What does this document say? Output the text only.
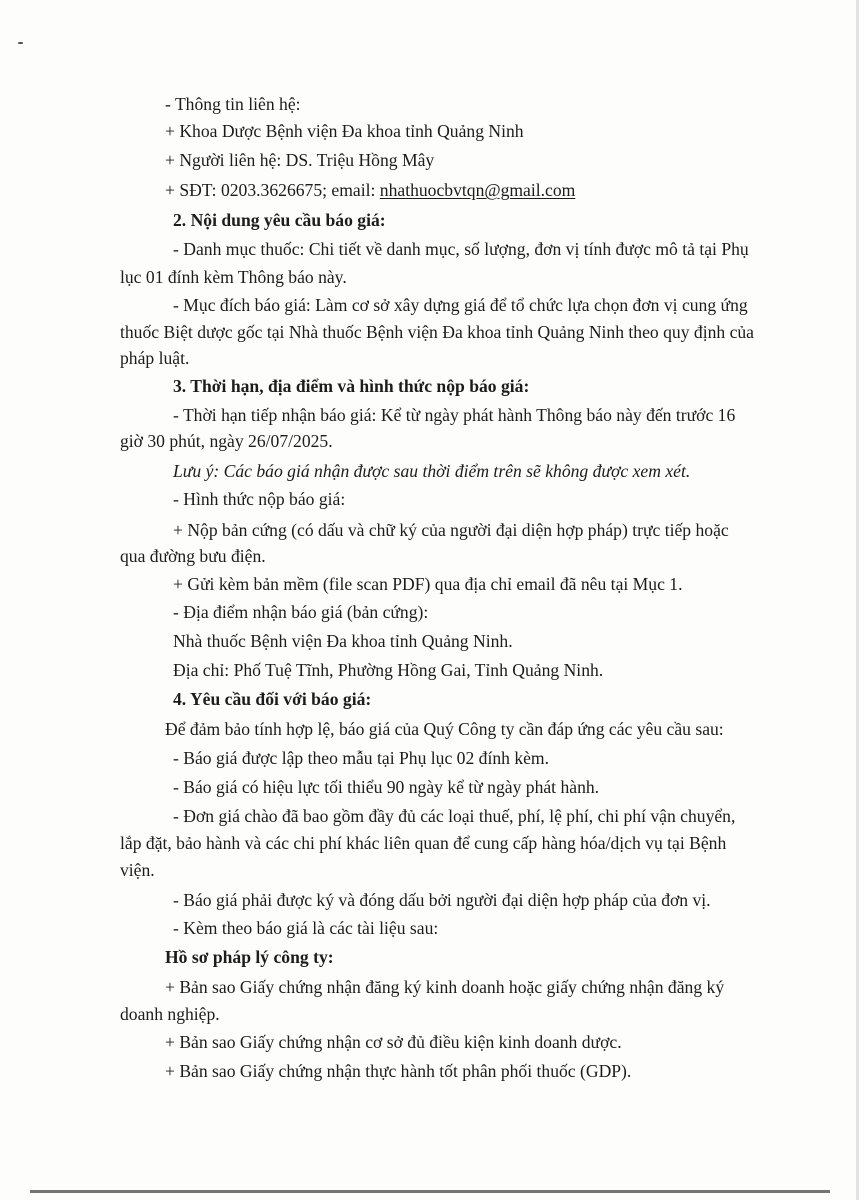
- Thông tin liên hệ:
+ Khoa Dược Bệnh viện Đa khoa tỉnh Quảng Ninh
+ Người liên hệ: DS. Triệu Hồng Mây
+ SĐT: 0203.3626675; email: nhathuocbvtqn@gmail.com
2. Nội dung yêu cầu báo giá:
- Danh mục thuốc: Chi tiết về danh mục, số lượng, đơn vị tính được mô tả tại Phụ
lục 01 đính kèm Thông báo này.
- Mục đích báo giá: Làm cơ sở xây dựng giá để tổ chức lựa chọn đơn vị cung ứng
thuốc Biệt dược gốc tại Nhà thuốc Bệnh viện Đa khoa tỉnh Quảng Ninh theo quy định của
pháp luật.
3. Thời hạn, địa điểm và hình thức nộp báo giá:
- Thời hạn tiếp nhận báo giá: Kể từ ngày phát hành Thông báo này đến trước 16
giờ 30 phút, ngày 26/07/2025.
Lưu ý: Các báo giá nhận được sau thời điểm trên sẽ không được xem xét.
- Hình thức nộp báo giá:
+ Nộp bản cứng (có dấu và chữ ký của người đại diện hợp pháp) trực tiếp hoặc
qua đường bưu điện.
+ Gửi kèm bản mềm (file scan PDF) qua địa chỉ email đã nêu tại Mục 1.
- Địa điểm nhận báo giá (bản cứng):
Nhà thuốc Bệnh viện Đa khoa tỉnh Quảng Ninh.
Địa chỉ: Phố Tuệ Tĩnh, Phường Hồng Gai, Tỉnh Quảng Ninh.
4. Yêu cầu đối với báo giá:
Để đảm bảo tính hợp lệ, báo giá của Quý Công ty cần đáp ứng các yêu cầu sau:
- Báo giá được lập theo mẫu tại Phụ lục 02 đính kèm.
- Báo giá có hiệu lực tối thiểu 90 ngày kể từ ngày phát hành.
- Đơn giá chào đã bao gồm đầy đủ các loại thuế, phí, lệ phí, chi phí vận chuyển,
lắp đặt, bảo hành và các chi phí khác liên quan để cung cấp hàng hóa/dịch vụ tại Bệnh
viện.
- Báo giá phải được ký và đóng dấu bởi người đại diện hợp pháp của đơn vị.
- Kèm theo báo giá là các tài liệu sau:
Hồ sơ pháp lý công ty:
+ Bản sao Giấy chứng nhận đăng ký kinh doanh hoặc giấy chứng nhận đăng ký
doanh nghiệp.
+ Bản sao Giấy chứng nhận cơ sở đủ điều kiện kinh doanh dược.
+ Bản sao Giấy chứng nhận thực hành tốt phân phối thuốc (GDP).
